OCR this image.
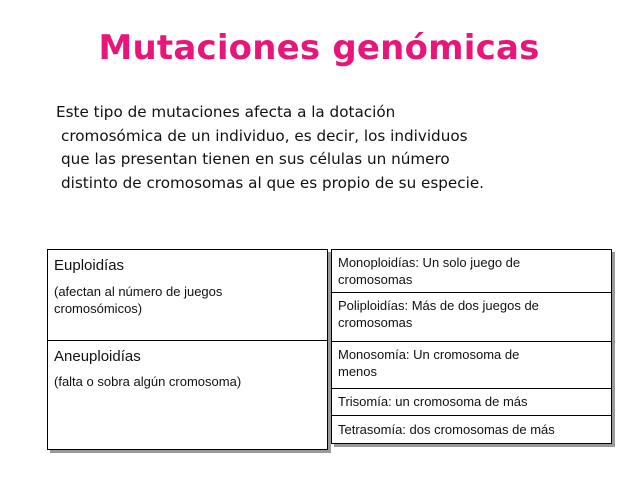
Mutaciones genómicas
Este tipo de mutaciones afecta a la dotación
cromosómica de un individuo, es decir, los individuos
que las presentan tienen en sus células un número
distinto de cromosomas al que es propio de su especie.
Euploidías
(afectan al número de juegos
cromosómicos)
Aneuploidías
(falta o sobra algún cromosoma)
Monoploidías: Un solo juego de
cromosomas
Poliploidías: Más de dos juegos de
cromosomas
Monosomía: Un cromosoma de
menos
Trisomía: un cromosoma de más
Tetrasomía: dos cromosomas de más
